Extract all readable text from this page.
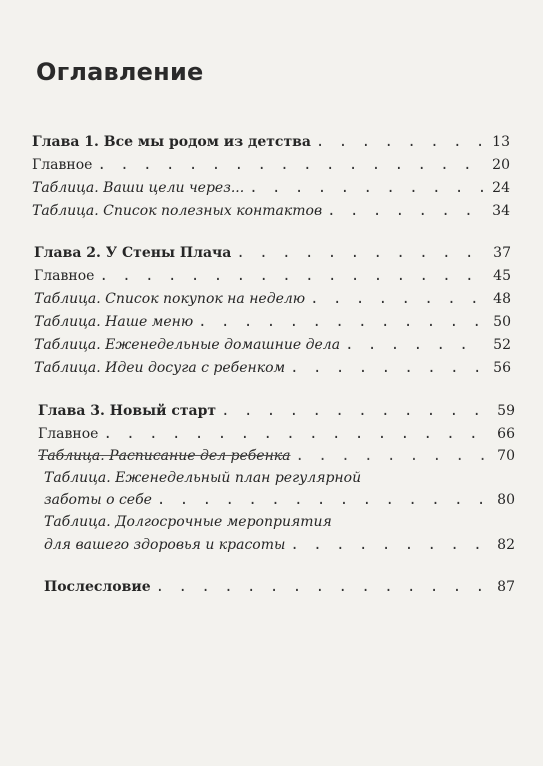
Оглавление
Глава 1. Все мы родом из детства . .	13
Главное . .	20
Таблица. Ваши цели через... . .	24
Таблица. Список полезных контактов . .	34
Глава 2. У Стены Плача . .	37
Главное . .	45
Таблица. Список покупок на неделю . .	48
Таблица. Наше меню . .	50
Таблица. Еженедельные домашние дела . .	52
Таблица. Идеи досуга с ребенком . .	56
Глава 3. Новый старт . .	59
Главное . .	66
Таблица. Расписание дел ребенка . .	70
Таблица. Еженедельный план регулярной
заботы о себе . .	80
Таблица. Долгосрочные мероприятия
для вашего здоровья и красоты . .	82
Послесловие . .	87
